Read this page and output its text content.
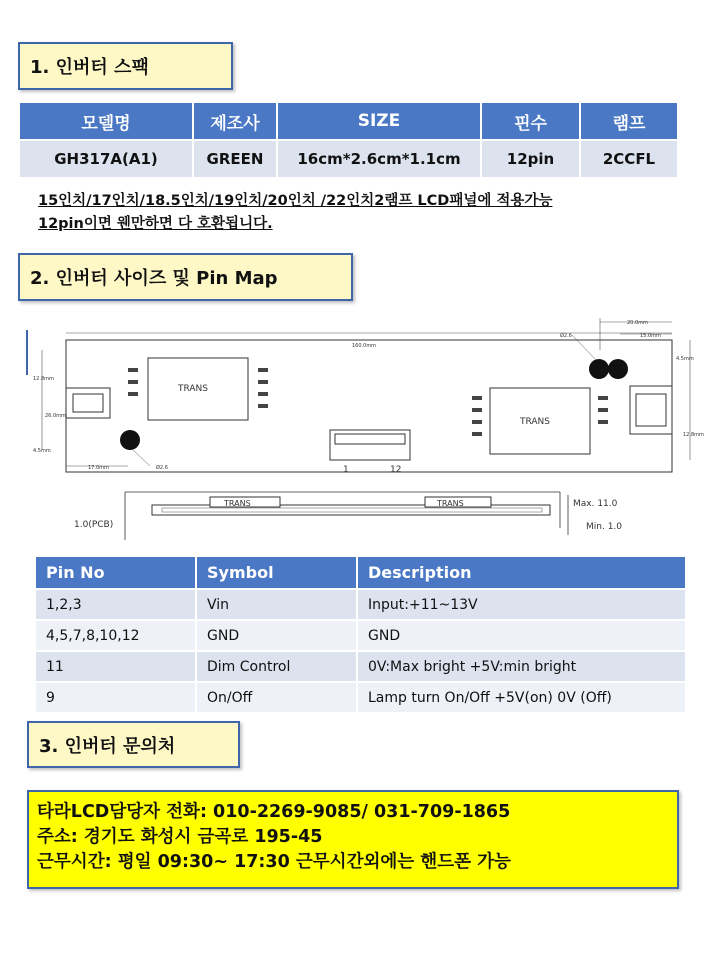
1. 인버터 스팩
모델명	제조사	SIZE	핀수	램프
GH317A(A1)	GREEN	16cm*2.6cm*1.1cm	12pin	2CCFL
15인치/17인치/18.5인치/19인치/20인치 /22인치2램프 LCD패널에 적용가능
12pin이면 웬만하면 다 호환됩니다.
2. 인버터 사이즈 및 Pin Map
160.0mm
20.0mm
15.0mm
Ø2.6
4.5mm
12.8mm
12.8mm
26.0mm
4.5mm
17.0mm
TRANS
Ø2.6	1	12
TRANS
TRANS	TRANS	Max. 11.0
Min. 1.0
1.0(PCB)
Pin No	Symbol	Description
1,2,3	Vin	Input:+11~13V
4,5,7,8,10,12	GND	GND
11	Dim Control	0V:Max bright +5V:min bright
9	On/Off	Lamp turn On/Off +5V(on) 0V (Off)
3. 인버터 문의처
타라LCD담당자 전화: 010-2269-9085/ 031-709-1865
주소: 경기도 화성시 금곡로 195-45
근무시간: 평일 09:30~ 17:30 근무시간외에는 핸드폰 가능
